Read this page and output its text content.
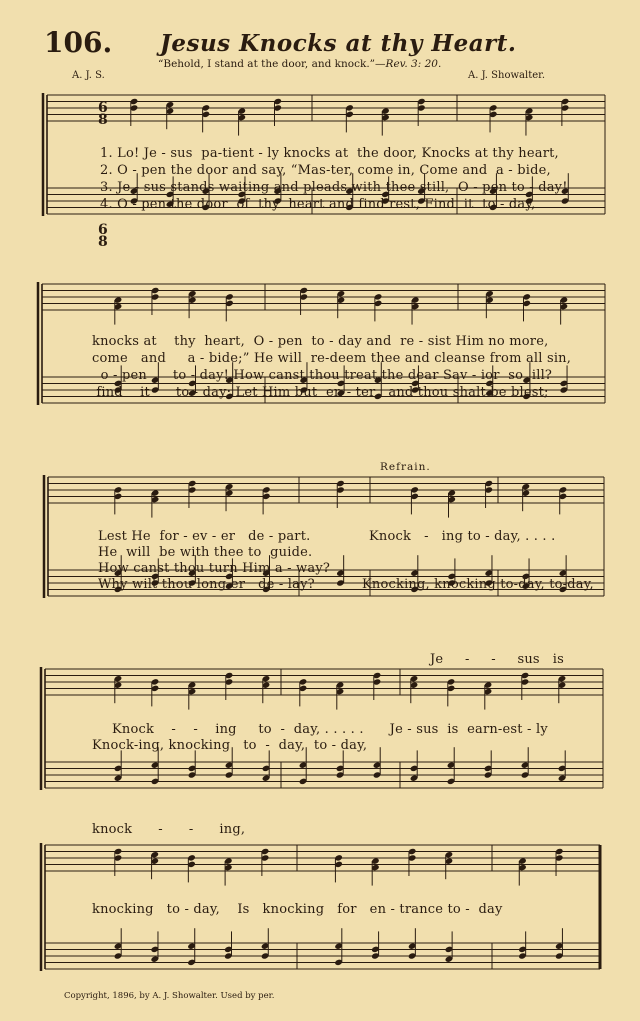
6
8
6
8
106. Jesus Knocks at thy Heart.
“Behold, I stand at the door, and knock.”—Rev. 3: 20.
A. J. S.	A. J. Showalter.
1. Lo! Je - sus  pa-tient - ly knocks at  the door, Knocks at thy heart,
2. O - pen the door and say, “Mas-ter, come in, Come and  a - bide,
3. Je - sus stands waiting and pleads with thee still,  O - pen to - day!
4. O - pen the door  of  thy  heart and find rest, Find  it  to - day,
knocks at    thy  heart,  O - pen  to - day and  re - sist Him no more,
come   and     a - bide;” He will  re-deem thee and cleanse from all sin,
o - pen      to - day! How canst thou treat the dear Sav - ior  so  ill?
find    it      to - day; Let Him but  en - ter   and thou shalt be blest;
Refrain.
Lest He  for - ev - er   de - part.
He  will  be with thee to  guide.
How canst thou turn Him a - way?
Why wilt thou long-er   de - lay?
Knock   -   ing to - day, . . . .
Knocking, knocking to-day, to-day,
Je     -     -     sus   is
Knock    -    -    ing     to  -  day, . . . . .      Je - sus  is  earn-est - ly
Knock-ing, knocking   to  -  day,  to - day,
knock      -      -      ing,
knocking   to - day,    Is   knocking   for   en - trance to -  day
Copyright, 1896, by A. J. Showalter. Used by per.
